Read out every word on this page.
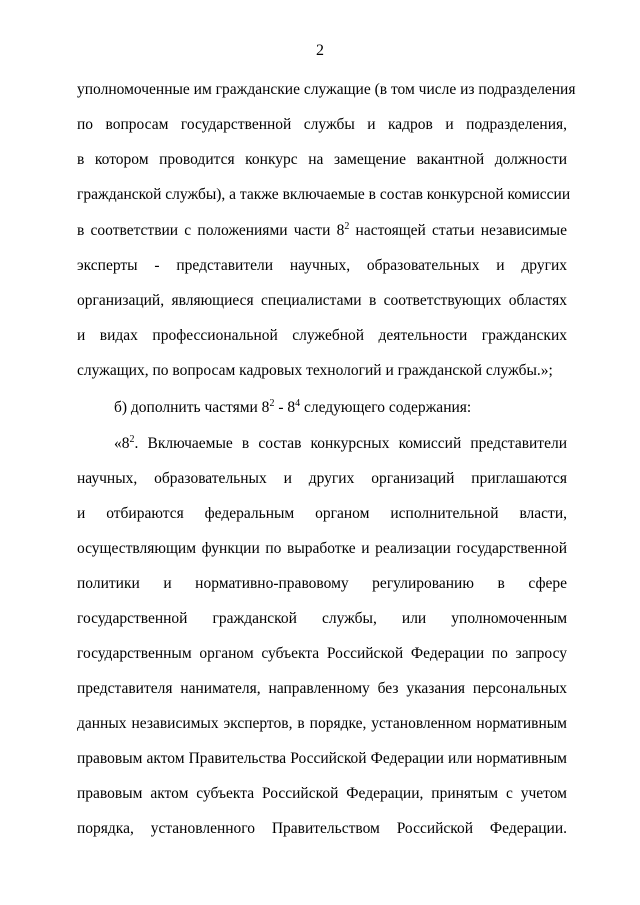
2
уполномоченные им гражданские служащие (в том числе из подразделения
по вопросам государственной службы и кадров и подразделения,
в котором проводится конкурс на замещение вакантной должности
гражданской службы), а также включаемые в состав конкурсной комиссии
в соответствии с положениями части $8^2$ настоящей статьи независимые
эксперты - представители научных, образовательных и других
организаций, являющиеся специалистами в соответствующих областях
и видах профессиональной служебной деятельности гражданских
служащих, по вопросам кадровых технологий и гражданской службы.»;
б) дополнить частями $8^2 - 8^4$ следующего содержания:
«$8^2$. Включаемые в состав конкурсных комиссий представители
научных, образовательных и других организаций приглашаются
и отбираются федеральным органом исполнительной власти,
осуществляющим функции по выработке и реализации государственной
политики и нормативно-правовому регулированию в сфере
государственной гражданской службы, или уполномоченным
государственным органом субъекта Российской Федерации по запросу
представителя нанимателя, направленному без указания персональных
данных независимых экспертов, в порядке, установленном нормативным
правовым актом Правительства Российской Федерации или нормативным
правовым актом субъекта Российской Федерации, принятым с учетом
порядка, установленного Правительством Российской Федерации.
